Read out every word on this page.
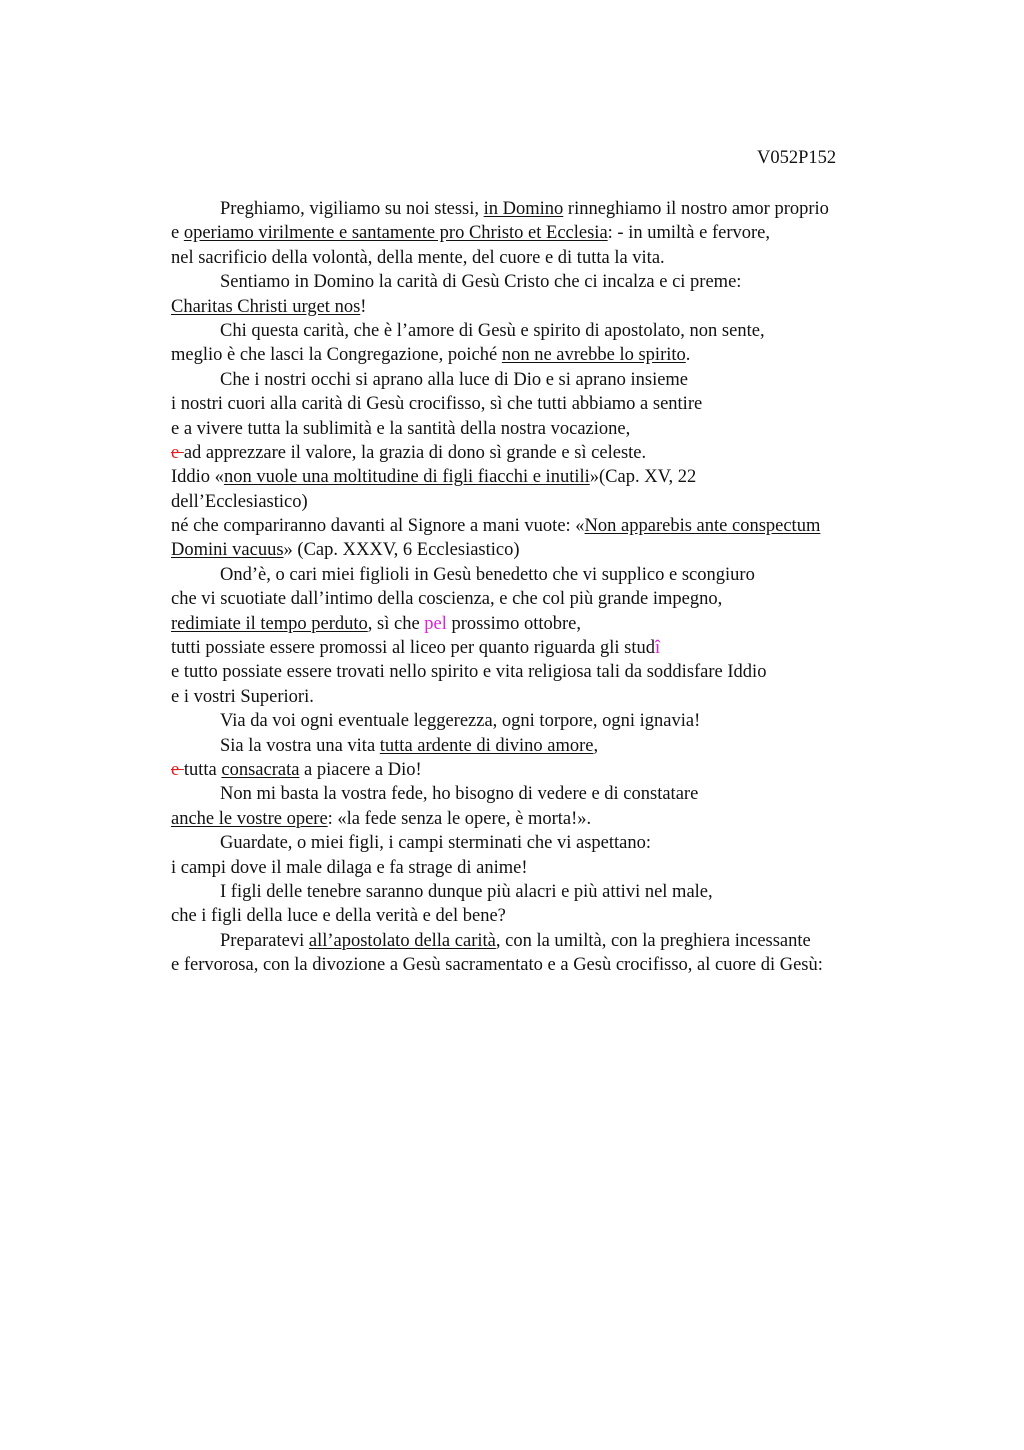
V052P152
Preghiamo, vigiliamo su noi stessi, in Domino rinneghiamo il nostro amor proprio
e operiamo virilmente e santamente pro Christo et Ecclesia: - in umiltà e fervore,
nel sacrificio della volontà, della mente, del cuore e di tutta la vita.
Sentiamo in Domino la carità di Gesù Cristo che ci incalza e ci preme:
Charitas Christi urget nos!
Chi questa carità, che è l’amore di Gesù e spirito di apostolato, non sente,
meglio è che lasci la Congregazione, poiché non ne avrebbe lo spirito.
Che i nostri occhi si aprano alla luce di Dio e si aprano insieme
i nostri cuori alla carità di Gesù crocifisso, sì che tutti abbiamo a sentire
e a vivere tutta la sublimità e la santità della nostra vocazione,
e ad apprezzare il valore, la grazia di dono sì grande e sì celeste.
Iddio «non vuole una moltitudine di figli fiacchi e inutili»(Cap. XV, 22
dell’Ecclesiastico)
né che compariranno davanti al Signore a mani vuote: «Non apparebis ante conspectum
Domini vacuus» (Cap. XXXV, 6 Ecclesiastico)
Ond’è, o cari miei figlioli in Gesù benedetto che vi supplico e scongiuro
che vi scuotiate dall’intimo della coscienza, e che col più grande impegno,
redimiate il tempo perduto, sì che pel prossimo ottobre,
tutti possiate essere promossi al liceo per quanto riguarda gli studî
e tutto possiate essere trovati nello spirito e vita religiosa tali da soddisfare Iddio
e i vostri Superiori.
Via da voi ogni eventuale leggerezza, ogni torpore, ogni ignavia!
Sia la vostra una vita tutta ardente di divino amore,
e tutta consacrata a piacere a Dio!
Non mi basta la vostra fede, ho bisogno di vedere e di constatare
anche le vostre opere: «la fede senza le opere, è morta!».
Guardate, o miei figli, i campi sterminati che vi aspettano:
i campi dove il male dilaga e fa strage di anime!
I figli delle tenebre saranno dunque più alacri e più attivi nel male,
che i figli della luce e della verità e del bene?
Preparatevi all’apostolato della carità, con la umiltà, con la preghiera incessante
e fervorosa, con la divozione a Gesù sacramentato e a Gesù crocifisso, al cuore di Gesù:
